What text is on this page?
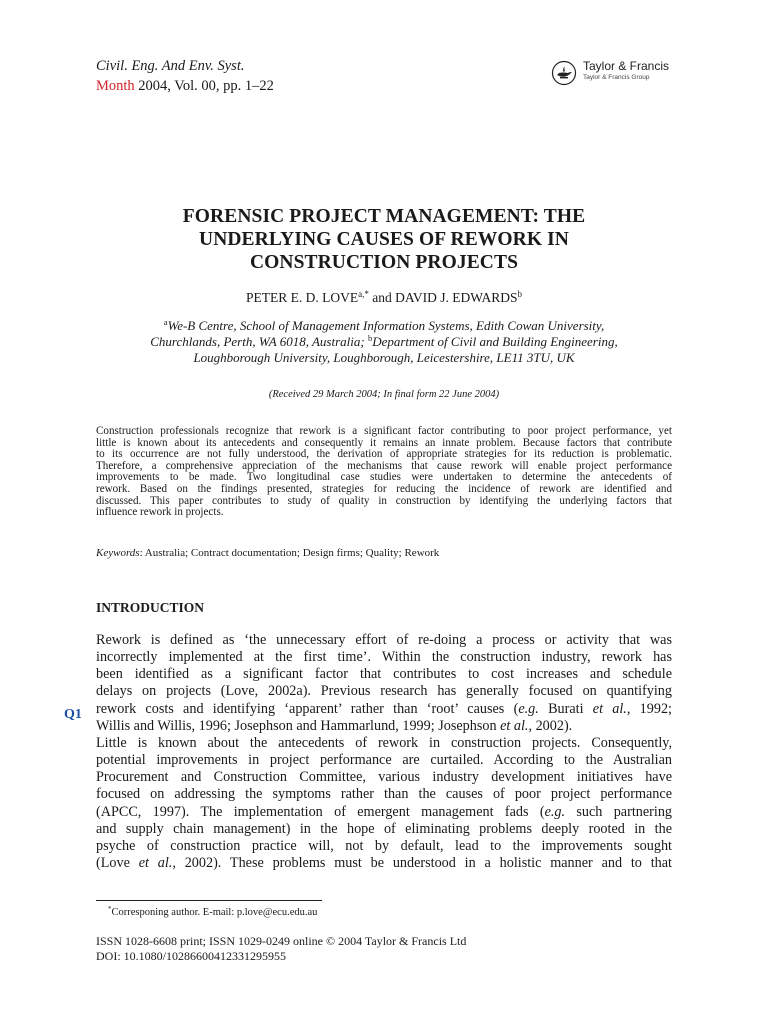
Civil. Eng. And Env. Syst.
Month 2004, Vol. 00, pp. 1–22
Taylor & Francis
Taylor & Francis Group
FORENSIC PROJECT MANAGEMENT: THE
UNDERLYING CAUSES OF REWORK IN
CONSTRUCTION PROJECTS
PETER E. D. $LOVE^{a,*}$ and DAVID J. EDWARDS$^b$
$^a$We-B Centre, School of Management Information Systems, Edith Cowan University,
Churchlands, Perth, WA 6018, Australia; $^b$Department of Civil and Building Engineering,
Loughborough University, Loughborough, Leicestershire, LE11 3TU, UK
(Received 29 March 2004; In final form 22 June 2004)
Construction professionals recognize that rework is a significant factor contributing to poor project performance, yet
little is known about its antecedents and consequently it remains an innate problem. Because factors that contribute
to its occurrence are not fully understood, the derivation of appropriate strategies for its reduction is problematic.
Therefore, a comprehensive appreciation of the mechanisms that cause rework will enable project performance
improvements to be made. Two longitudinal case studies were undertaken to determine the antecedents of
rework. Based on the findings presented, strategies for reducing the incidence of rework are identified and
discussed. This paper contributes to study of quality in construction by identifying the underlying factors that
influence rework in projects.
Keywords: Australia; Contract documentation; Design firms; Quality; Rework
INTRODUCTION
Q1
Rework is defined as ‘the unnecessary effort of re-doing a process or activity that was
incorrectly implemented at the first time’. Within the construction industry, rework has
been identified as a significant factor that contributes to cost increases and schedule
delays on projects (Love, 2002a). Previous research has generally focused on quantifying
rework costs and identifying ‘apparent’ rather than ‘root’ causes (e.g. Burati et al., 1992;
Willis and Willis, 1996; Josephson and Hammarlund, 1999; Josephson et al., 2002).
Little is known about the antecedents of rework in construction projects. Consequently,
potential improvements in project performance are curtailed. According to the Australian
Procurement and Construction Committee, various industry development initiatives have
focused on addressing the symptoms rather than the causes of poor project performance
(APCC, 1997). The implementation of emergent management fads (e.g. such partnering
and supply chain management) in the hope of eliminating problems deeply rooted in the
psyche of construction practice will, not by default, lead to the improvements sought
(Love et al., 2002). These problems must be understood in a holistic manner and to that
*Corresponing author. E-mail: p.love@ecu.edu.au
ISSN 1028-6608 print; ISSN 1029-0249 online © 2004 Taylor & Francis Ltd
DOI: 10.1080/10286600412331295955
